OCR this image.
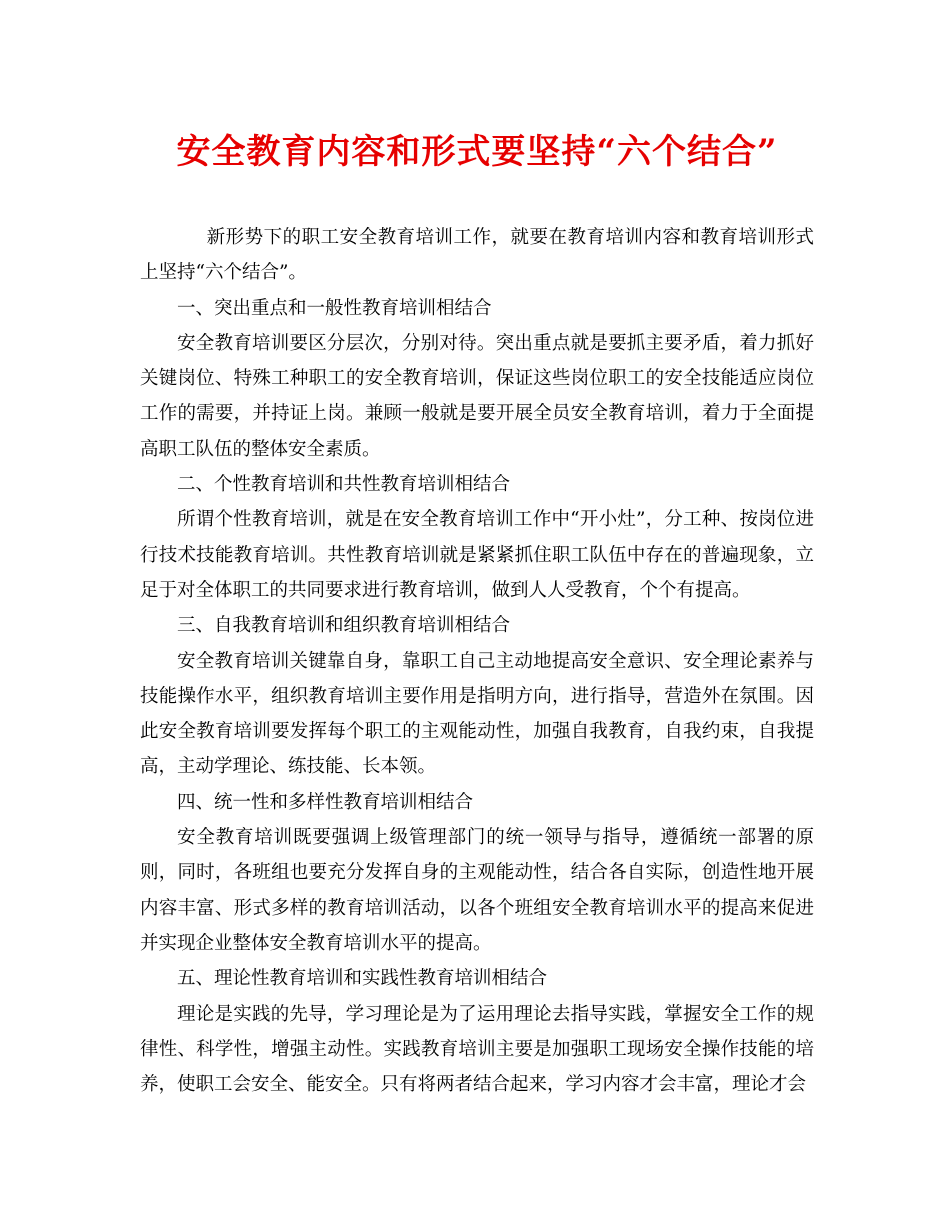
安全教育内容和形式要坚持“六个结合”

新形势下的职工安全教育培训工作，就要在教育培训内容和教育培训形式上坚持“六个结合”。

一、突出重点和一般性教育培训相结合

安全教育培训要区分层次，分别对待。突出重点就是要抓主要矛盾，着力抓好关键岗位、特殊工种职工的安全教育培训，保证这些岗位职工的安全技能适应岗位工作的需要，并持证上岗。兼顾一般就是要开展全员安全教育培训，着力于全面提高职工队伍的整体安全素质。

二、个性教育培训和共性教育培训相结合

所谓个性教育培训，就是在安全教育培训工作中“开小灶”，分工种、按岗位进行技术技能教育培训。共性教育培训就是紧紧抓住职工队伍中存在的普遍现象，立足于对全体职工的共同要求进行教育培训，做到人人受教育，个个有提高。

三、自我教育培训和组织教育培训相结合

安全教育培训关键靠自身，靠职工自己主动地提高安全意识、安全理论素养与技能操作水平，组织教育培训主要作用是指明方向，进行指导，营造外在氛围。因此安全教育培训要发挥每个职工的主观能动性，加强自我教育，自我约束，自我提高，主动学理论、练技能、长本领。

四、统一性和多样性教育培训相结合

安全教育培训既要强调上级管理部门的统一领导与指导，遵循统一部署的原则，同时，各班组也要充分发挥自身的主观能动性，结合各自实际，创造性地开展内容丰富、形式多样的教育培训活动，以各个班组安全教育培训水平的提高来促进并实现企业整体安全教育培训水平的提高。

五、理论性教育培训和实践性教育培训相结合

理论是实践的先导，学习理论是为了运用理论去指导实践，掌握安全工作的规律性、科学性，增强主动性。实践教育培训主要是加强职工现场安全操作技能的培养，使职工会安全、能安全。只有将两者结合起来，学习内容才会丰富，理论才会
